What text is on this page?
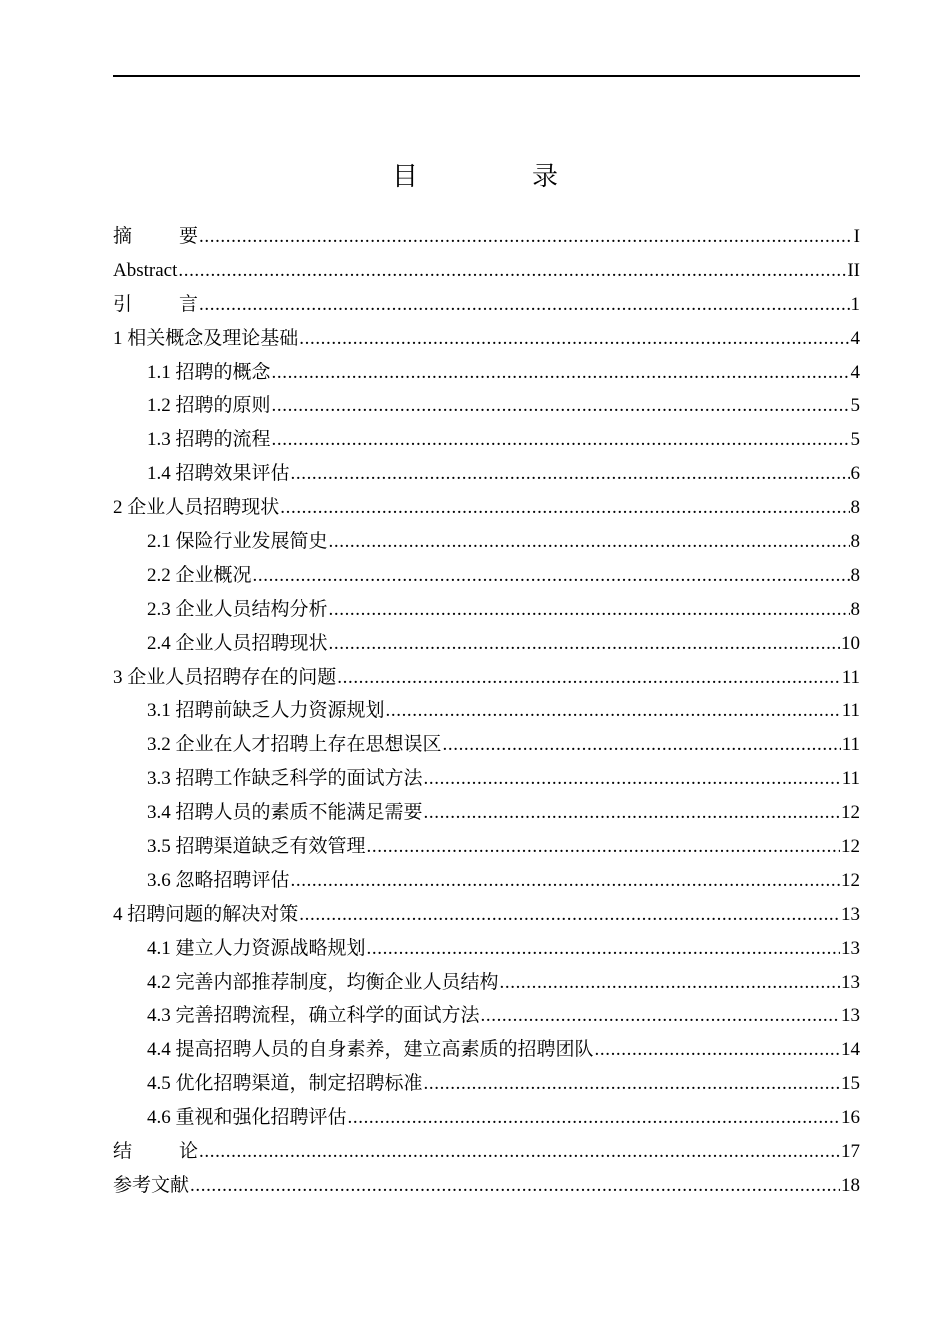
目　录
摘要 .....	I
Abstract .....	II
引言 .....	1
1 相关概念及理论基础 .....	4
1.1 招聘的概念 .....	4
1.2 招聘的原则 .....	5
1.3 招聘的流程 .....	5
1.4 招聘效果评估 .....	6
2 企业人员招聘现状 .....	8
2.1 保险行业发展简史 .....	8
2.2 企业概况 .....	8
2.3 企业人员结构分析 .....	8
2.4 企业人员招聘现状 .....	10
3 企业人员招聘存在的问题 .....	11
3.1 招聘前缺乏人力资源规划 .....	11
3.2 企业在人才招聘上存在思想误区 .....	11
3.3 招聘工作缺乏科学的面试方法 .....	11
3.4 招聘人员的素质不能满足需要 .....	12
3.5 招聘渠道缺乏有效管理 .....	12
3.6 忽略招聘评估 .....	12
4 招聘问题的解决对策 .....	13
4.1 建立人力资源战略规划 .....	13
4.2 完善内部推荐制度，均衡企业人员结构 .....	13
4.3 完善招聘流程，确立科学的面试方法 .....	13
4.4 提高招聘人员的自身素养，建立高素质的招聘团队 .....	14
4.5 优化招聘渠道，制定招聘标准 .....	15
4.6 重视和强化招聘评估 .....	16
结论 .....	17
参考文献 .....	18
